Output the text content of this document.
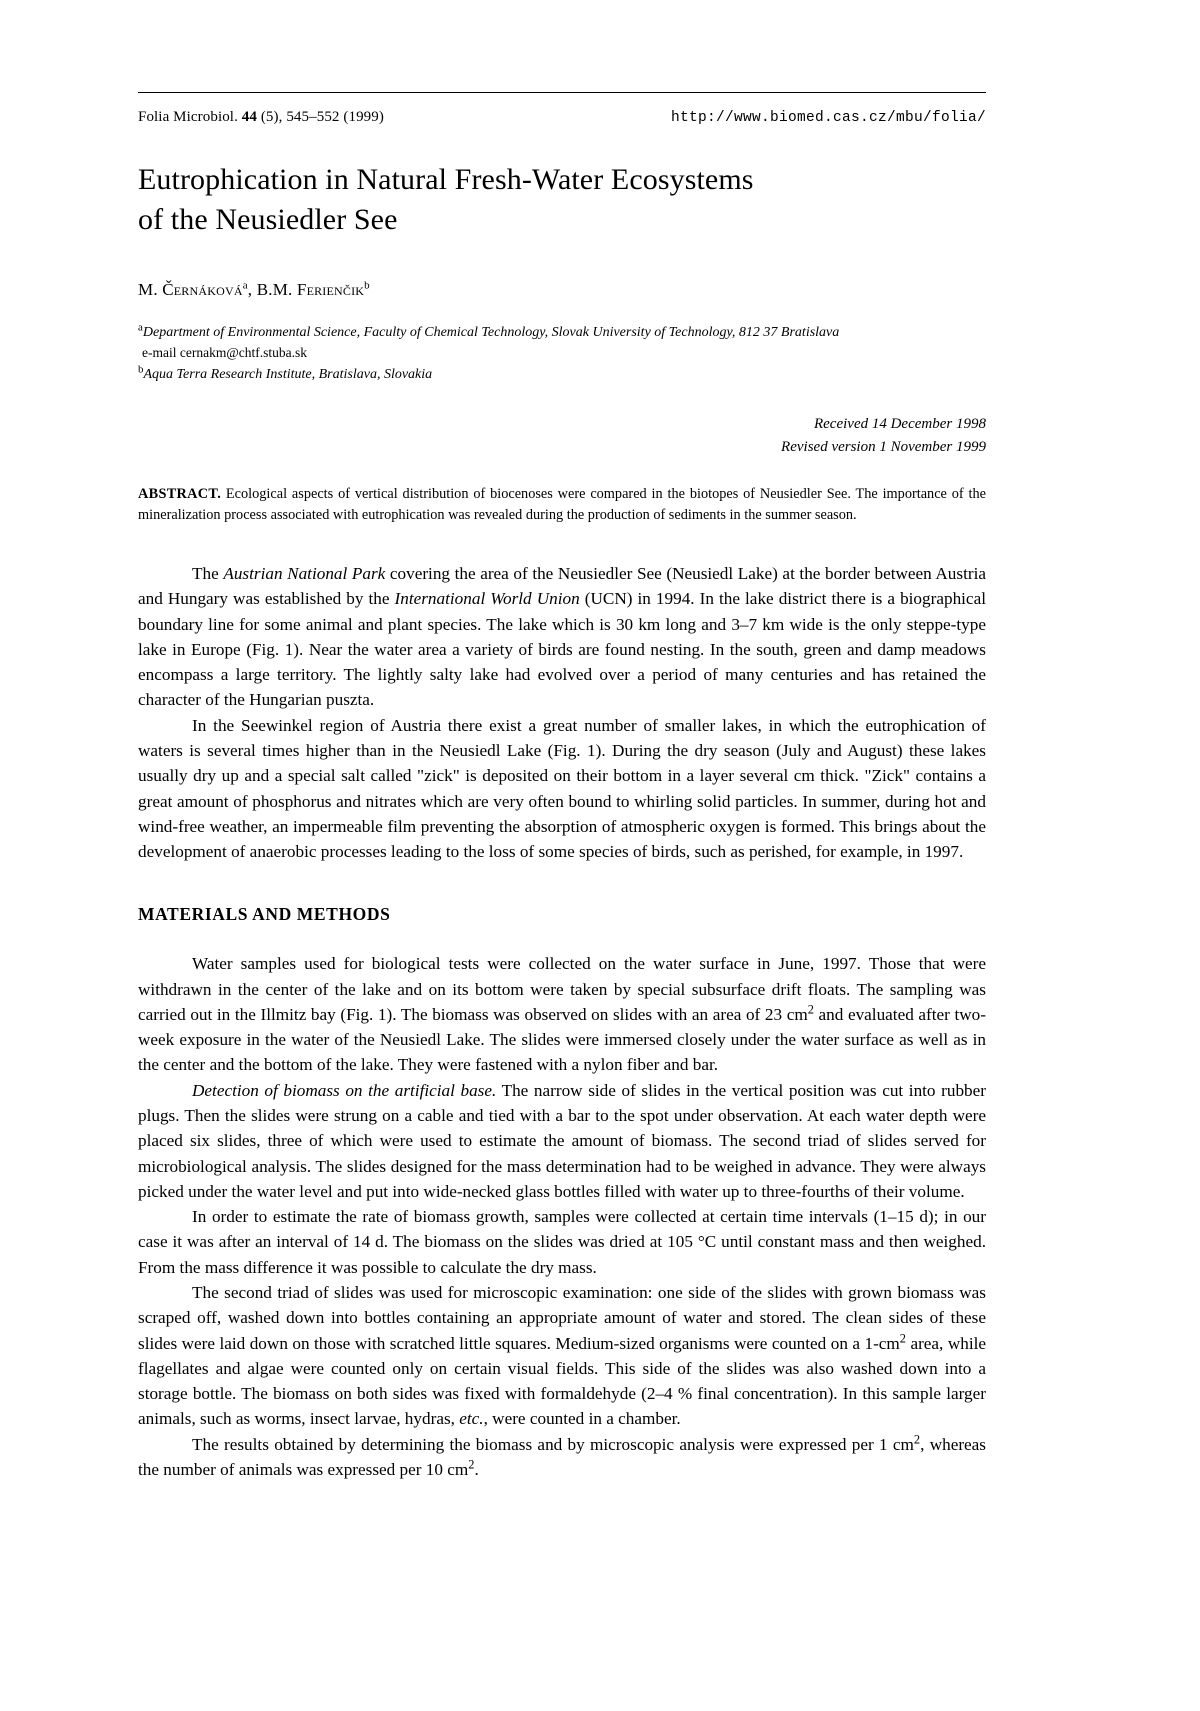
Folia Microbiol. 44 (5), 545–552 (1999)	http://www.biomed.cas.cz/mbu/folia/
Eutrophication in Natural Fresh-Water Ecosystems
of the Neusiedler See
M. Černáková$^a$, B.M. Ferienčik$^b$
$^a$Department of Environmental Science, Faculty of Chemical Technology, Slovak University of Technology, 812 37 Bratislava
e-mail cernakm@chtf.stuba.sk
$^b$Aqua Terra Research Institute, Bratislava, Slovakia
Received 14 December 1998
Revised version 1 November 1999
ABSTRACT. Ecological aspects of vertical distribution of biocenoses were compared in the biotopes of Neusiedler See. The importance of the mineralization process associated with eutrophication was revealed during the production of sediments in the summer season.

The Austrian National Park covering the area of the Neusiedler See (Neusiedl Lake) at the border between Austria and Hungary was established by the International World Union (UCN) in 1994. In the lake district there is a biographical boundary line for some animal and plant species. The lake which is 30 km long and 3–7 km wide is the only steppe-type lake in Europe (Fig. 1). Near the water area a variety of birds are found nesting. In the south, green and damp meadows encompass a large territory. The lightly salty lake had evolved over a period of many centuries and has retained the character of the Hungarian puszta.

In the Seewinkel region of Austria there exist a great number of smaller lakes, in which the eutrophication of waters is several times higher than in the Neusiedl Lake (Fig. 1). During the dry season (July and August) these lakes usually dry up and a special salt called "zick" is deposited on their bottom in a layer several cm thick. "Zick" contains a great amount of phosphorus and nitrates which are very often bound to whirling solid particles. In summer, during hot and wind-free weather, an impermeable film preventing the absorption of atmospheric oxygen is formed. This brings about the development of anaerobic processes leading to the loss of some species of birds, such as perished, for example, in 1997.

MATERIALS AND METHODS

Water samples used for biological tests were collected on the water surface in June, 1997. Those that were withdrawn in the center of the lake and on its bottom were taken by special subsurface drift floats. The sampling was carried out in the Illmitz bay (Fig. 1). The biomass was observed on slides with an area of 23 $cm^2$ and evaluated after two-week exposure in the water of the Neusiedl Lake. The slides were immersed closely under the water surface as well as in the center and the bottom of the lake. They were fastened with a nylon fiber and bar.

Detection of biomass on the artificial base. The narrow side of slides in the vertical position was cut into rubber plugs. Then the slides were strung on a cable and tied with a bar to the spot under observation. At each water depth were placed six slides, three of which were used to estimate the amount of biomass. The second triad of slides served for microbiological analysis. The slides designed for the mass determination had to be weighed in advance. They were always picked under the water level and put into wide-necked glass bottles filled with water up to three-fourths of their volume.

In order to estimate the rate of biomass growth, samples were collected at certain time intervals (1–15 d); in our case it was after an interval of 14 d. The biomass on the slides was dried at 105 °C until constant mass and then weighed. From the mass difference it was possible to calculate the dry mass.

The second triad of slides was used for microscopic examination: one side of the slides with grown biomass was scraped off, washed down into bottles containing an appropriate amount of water and stored. The clean sides of these slides were laid down on those with scratched little squares. Medium-sized organisms were counted on a $1-cm^2$ area, while flagellates and algae were counted only on certain visual fields. This side of the slides was also washed down into a storage bottle. The biomass on both sides was fixed with formaldehyde (2–4 % final concentration). In this sample larger animals, such as worms, insect larvae, hydras, etc., were counted in a chamber.

The results obtained by determining the biomass and by microscopic analysis were expressed per 1 $cm^2$, whereas the number of animals was expressed per 10 $cm^2$.
